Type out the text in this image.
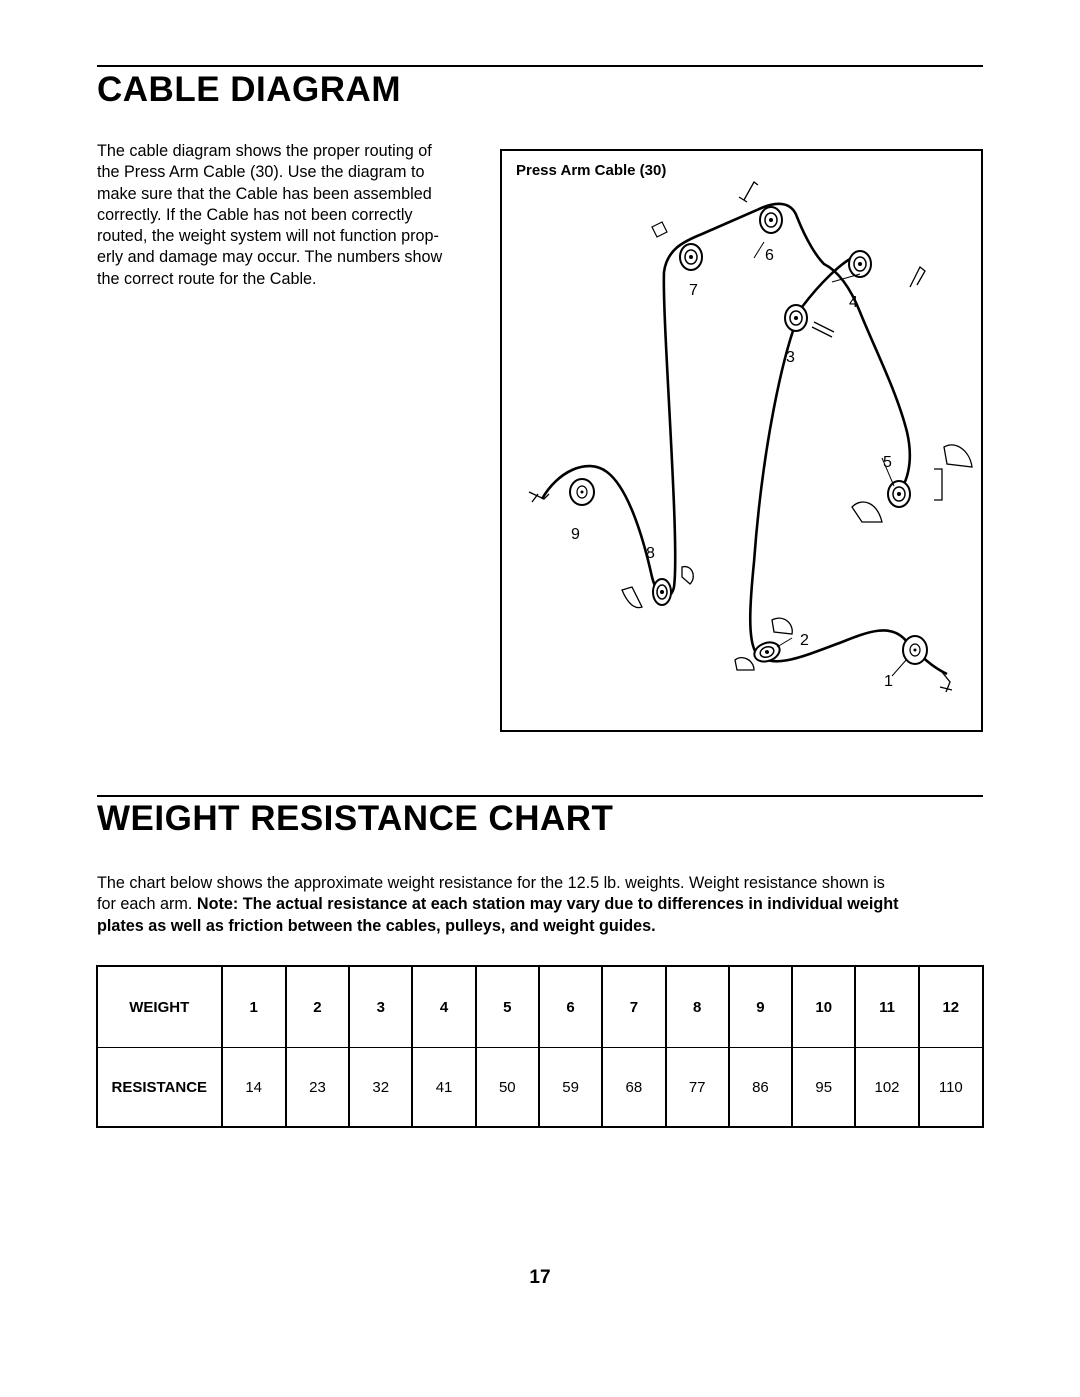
CABLE DIAGRAM

The cable diagram shows the proper routing of
the Press Arm Cable (30). Use the diagram to
make sure that the Cable has been assembled
correctly. If the Cable has not been correctly
routed, the weight system will not function prop-
erly and damage may occur. The numbers show
the correct route for the Cable.

Press Arm Cable (30)
6
7
4
3
5
9
8
2
1
WEIGHT RESISTANCE CHART

The chart below shows the approximate weight resistance for the 12.5 lb. weights. Weight resistance shown is
for each arm. Note: The actual resistance at each station may vary due to differences in individual weight
plates as well as friction between the cables, pulleys, and weight guides.

WEIGHT	1	2	3	4	5	6	7	8	9	10	11	12
RESISTANCE	14	23	32	41	50	59	68	77	86	95	102	110
17
